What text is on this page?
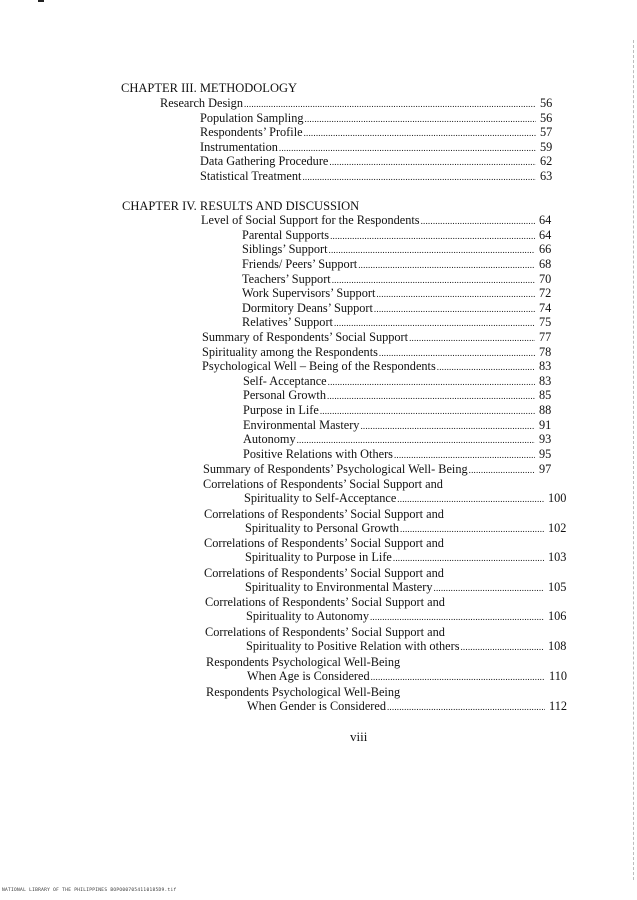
CHAPTER III. METHODOLOGY
Research Design .....	56
Population Sampling .....	56
Respondents’ Profile .....	57
Instrumentation .....	59
Data Gathering Procedure .....	62
Statistical Treatment .....	63
CHAPTER IV. RESULTS AND DISCUSSION
Level of Social Support for the Respondents .....	64
Parental Supports .....	64
Siblings’ Support .....	66
Friends/ Peers’ Support .....	68
Teachers’ Support .....	70
Work Supervisors’ Support .....	72
Dormitory Deans’ Support .....	74
Relatives’ Support .....	75
Summary of Respondents’ Social Support .....	77
Spirituality among the Respondents .....	78
Psychological Well – Being of the Respondents .....	83
Self- Acceptance .....	83
Personal Growth .....	85
Purpose in Life .....	88
Environmental Mastery .....	91
Autonomy .....	93
Positive Relations with Others .....	95
Summary of Respondents’ Psychological Well- Being .....	97
Correlations of Respondents’ Social Support and
Spirituality to Self-Acceptance .....	100
Correlations of Respondents’ Social Support and
Spirituality to Personal Growth .....	102
Correlations of Respondents’ Social Support and
Spirituality to Purpose in Life .....	103
Correlations of Respondents’ Social Support and
Spirituality to Environmental Mastery .....	105
Correlations of Respondents’ Social Support and
Spirituality to Autonomy .....	106
Correlations of Respondents’ Social Support and
Spirituality to Positive Relation with others .....	108
Respondents Psychological Well-Being
When Age is Considered .....	110
Respondents Psychological Well-Being
When Gender is Considered .....	112
viii
NATIONAL LIBRARY OF THE PHILIPPINES BOPO007054110185D9.tif
